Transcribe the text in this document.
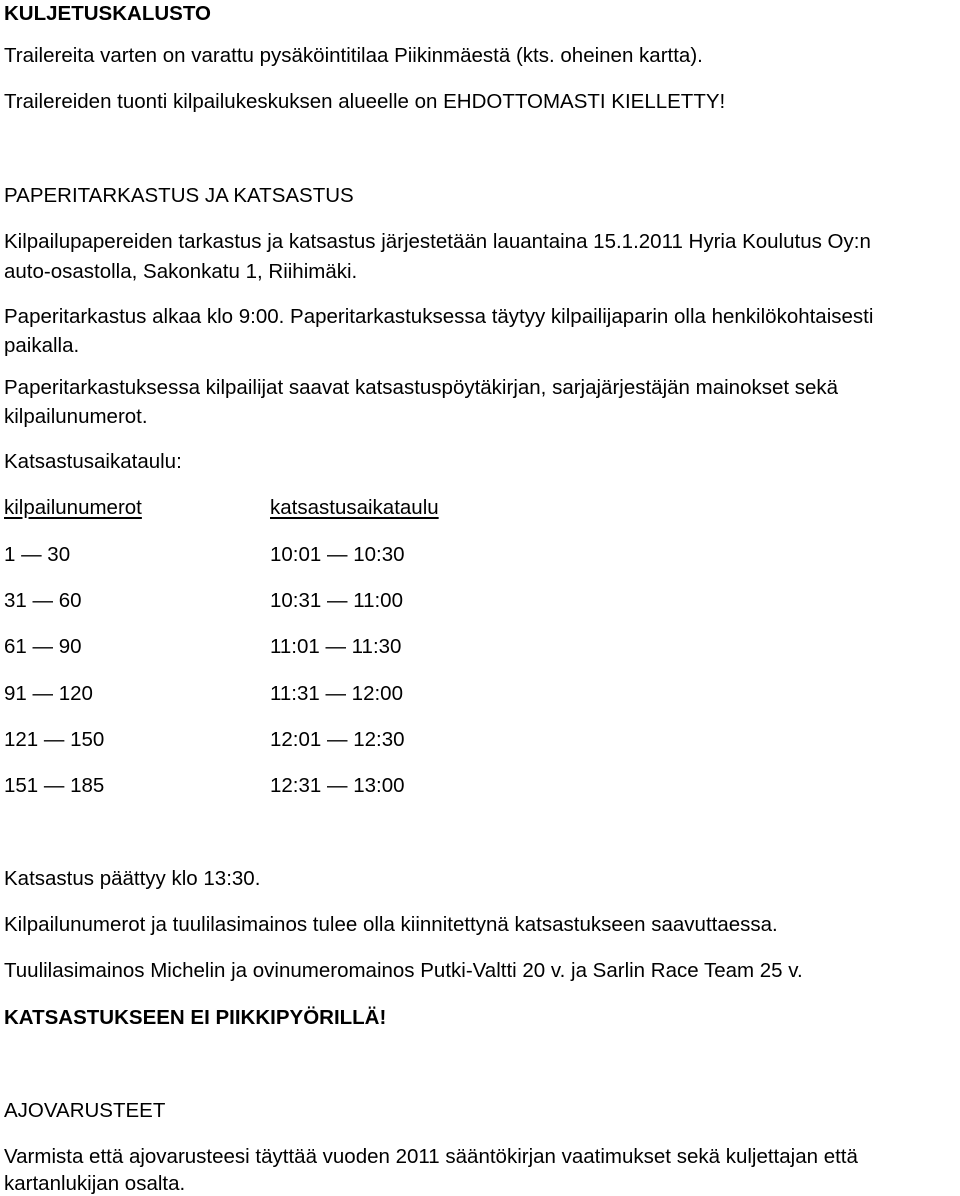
KULJETUSKALUSTO
Trailereita varten on varattu pysäköintitilaa Piikinmäestä (kts. oheinen kartta).
Trailereiden tuonti kilpailukeskuksen alueelle on EHDOTTOMASTI KIELLETTY!
PAPERITARKASTUS JA KATSASTUS
Kilpailupapereiden tarkastus ja katsastus järjestetään lauantaina 15.1.2011 Hyria Koulutus Oy:n
auto-osastolla, Sakonkatu 1, Riihimäki.
Paperitarkastus alkaa klo 9:00. Paperitarkastuksessa täytyy kilpailijaparin olla henkilökohtaisesti
paikalla.
Paperitarkastuksessa kilpailijat saavat katsastuspöytäkirjan, sarjajärjestäjän mainokset sekä
kilpailunumerot.
Katsastusaikataulu:
kilpailunumerot	katsastusaikataulu
1 — 30	10:01 — 10:30
31 — 60	10:31 — 11:00
61 — 90	11:01 — 11:30
91 — 120	11:31 — 12:00
121 — 150	12:01 — 12:30
151 — 185	12:31 — 13:00
Katsastus päättyy klo 13:30.
Kilpailunumerot ja tuulilasimainos tulee olla kiinnitettynä katsastukseen saavuttaessa.
Tuulilasimainos Michelin ja ovinumeromainos Putki-Valtti 20 v. ja Sarlin Race Team 25 v.
KATSASTUKSEEN EI PIIKKIPYÖRILLÄ!
AJOVARUSTEET
Varmista että ajovarusteesi täyttää vuoden 2011 sääntökirjan vaatimukset sekä kuljettajan että
kartanlukijan osalta.
